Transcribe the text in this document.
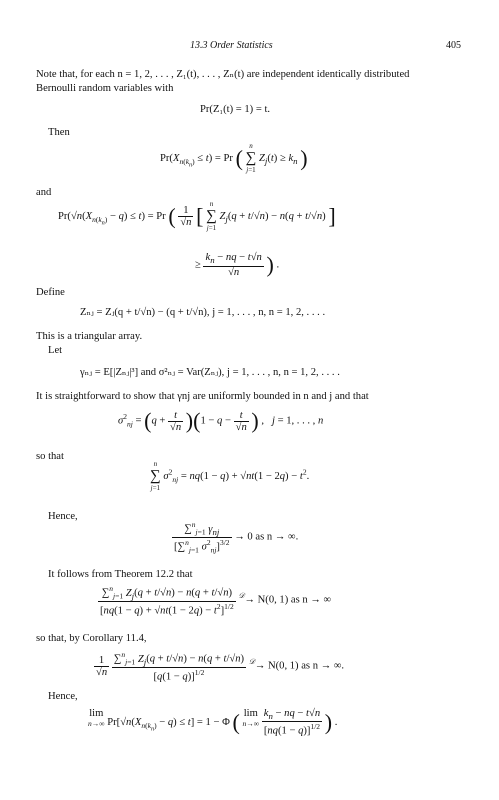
13.3 Order Statistics	405
Note that, for each n = 1, 2, . . . , Z₁(t), . . . , Zₙ(t) are independent identically distributed
Bernoulli random variables with
Pr(Z₁(t) = 1) = t.
Then
$Pr(X_{n(k_n)} \le t) = Pr$ ( n
∑
j=1
$Z_j(t) \ge k_n$ )
and
$Pr(√n(X_{n(k_n)} - q) \le t) = Pr$ ( $\frac{1}{√n}$ [ n
∑
j=1
$Z_j(q + t/√n) - n(q + t/√n)$ ]
≥ $\frac{k_n - nq - t√n}{√n}$ ) .
Define
Zₙⱼ = Zⱼ(q + t/√n) − (q + t/√n), j = 1, . . . , n, n = 1, 2, . . . .
This is a triangular array.
Let
γₙⱼ = E[|Zₙⱼ|³] and σ²ₙⱼ = Var(Zₙⱼ), j = 1, . . . , n, n = 1, 2, . . . .
It is straightforward to show that γnj are uniformly bounded in n and j and that
$\sigma^2_{nj} = (q + \frac{t}{√n} )(1 - q - \frac{t}{√n}$ ) ,   j = 1, . . . , n
so that
n
∑
j=1
$\sigma^2_{nj} = nq(1 - q) + √nt(1 - 2q) - t^2$.
Hence,
$\frac{\sum^n_{j=1} \gamma_{nj}}{[\sum^n_{j=1} \sigma^2_{nj}]^{3/2}} \to 0$ as n → ∞.
It follows from Theorem 12.2 that
$\frac{\sum^n_{j=1} Z_j(q + t/√n) - n(q + t/√n)}{[nq(1 - q) + √nt(1 - 2q) - t^2]^{1/2}} ^𝒟\to N(0$, 1) as n → ∞
so that, by Corollary 11.4,
$\frac{1}{√n}$
$\frac{\sum^n_{j=1} Z_j(q + t/√n) - n(q + t/√n)}{[q(1 - q)]^{1/2}} ^𝒟\to N(0$, 1) as n → ∞.
Hence,
lim
n→∞ $Pr[√n(X_{n(k_n)} - q) \le t] = 1 - \Phi$ ( lim
n→∞
$\frac{k_n - nq - t√n}{[nq(1 - q)]^{1/2}}$ ) .
